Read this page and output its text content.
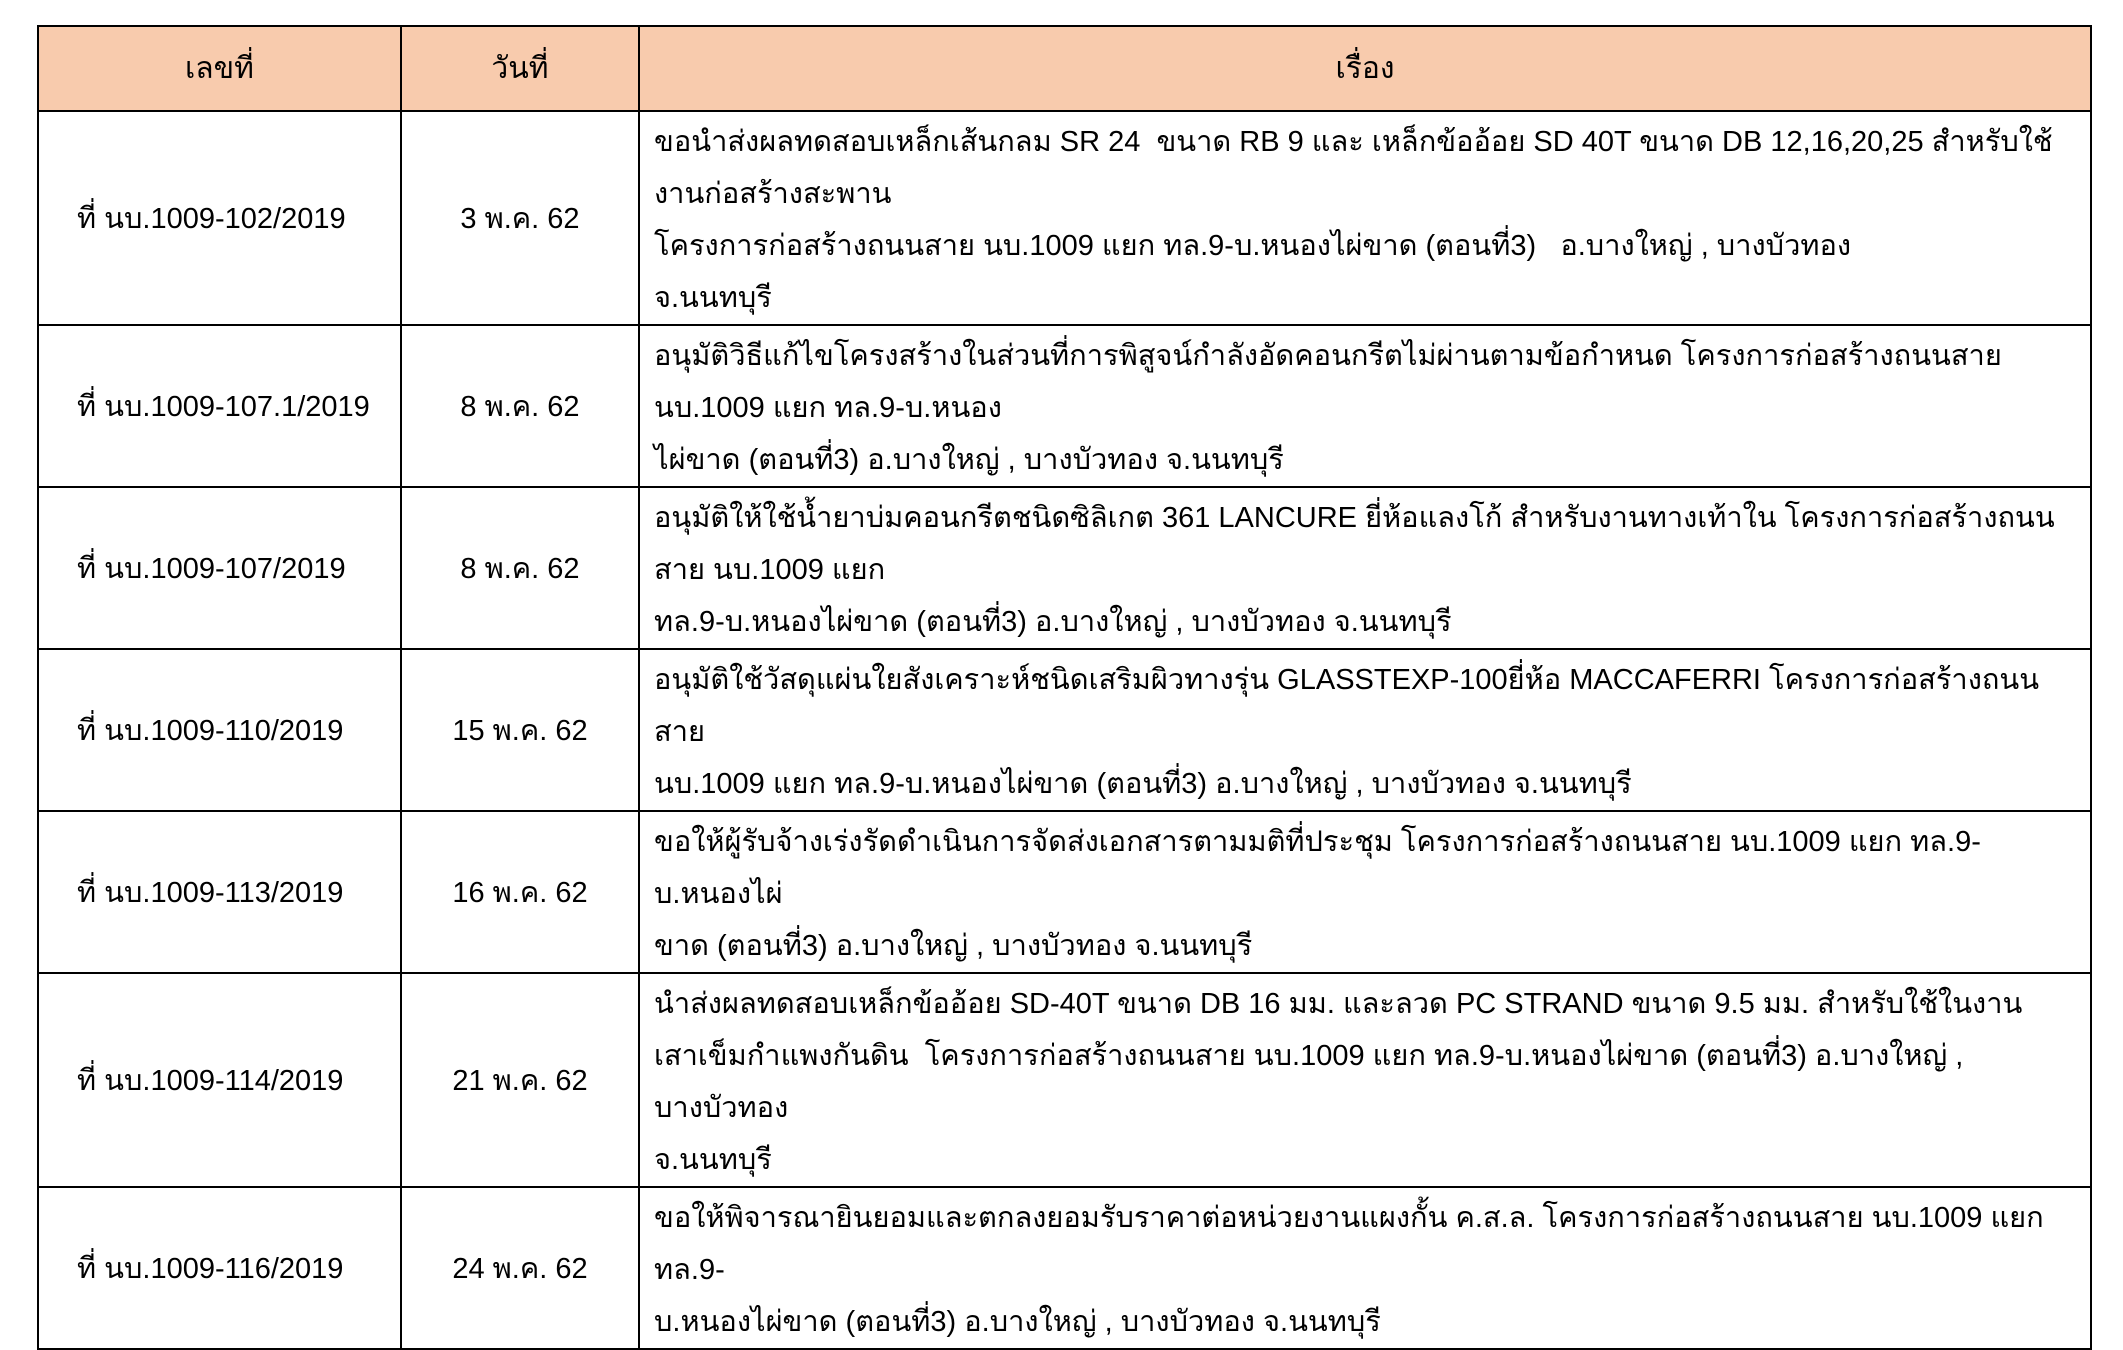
เลขที่	วันที่	เรื่อง
ที่ นบ.1009-102/2019	3 พ.ค. 62	ขอนำส่งผลทดสอบเหล็กเส้นกลม SR 24  ขนาด RB 9 และ เหล็กข้ออ้อย SD 40T ขนาด DB 12,16,20,25 สำหรับใช้งานก่อสร้างสะพาน
โครงการก่อสร้างถนนสาย นบ.1009 แยก ทล.9-บ.หนองไผ่ขาด (ตอนที่3)   อ.บางใหญ่ , บางบัวทอง
จ.นนทบุรี

ที่ นบ.1009-107.1/2019	8 พ.ค. 62	อนุมัติวิธีแก้ไขโครงสร้างในส่วนที่การพิสูจน์กำลังอัดคอนกรีตไม่ผ่านตามข้อกำหนด โครงการก่อสร้างถนนสาย นบ.1009 แยก ทล.9-บ.หนอง
ไผ่ขาด (ตอนที่3) อ.บางใหญ่ , บางบัวทอง จ.นนทบุรี

ที่ นบ.1009-107/2019	8 พ.ค. 62	อนุมัติให้ใช้น้ำยาบ่มคอนกรีตชนิดซิลิเกต 361 LANCURE ยี่ห้อแลงโก้ สำหรับงานทางเท้าใน โครงการก่อสร้างถนนสาย นบ.1009 แยก
ทล.9-บ.หนองไผ่ขาด (ตอนที่3) อ.บางใหญ่ , บางบัวทอง จ.นนทบุรี

ที่ นบ.1009-110/2019	15 พ.ค. 62	อนุมัติใช้วัสดุแผ่นใยสังเคราะห์ชนิดเสริมผิวทางรุ่น GLASSTEXP-100ยี่ห้อ MACCAFERRI โครงการก่อสร้างถนนสาย
นบ.1009 แยก ทล.9-บ.หนองไผ่ขาด (ตอนที่3) อ.บางใหญ่ , บางบัวทอง จ.นนทบุรี

ที่ นบ.1009-113/2019	16 พ.ค. 62	ขอให้ผู้รับจ้างเร่งรัดดำเนินการจัดส่งเอกสารตามมติที่ประชุม โครงการก่อสร้างถนนสาย นบ.1009 แยก ทล.9-บ.หนองไผ่
ขาด (ตอนที่3) อ.บางใหญ่ , บางบัวทอง จ.นนทบุรี

ที่ นบ.1009-114/2019	21 พ.ค. 62	นำส่งผลทดสอบเหล็กข้ออ้อย SD-40T ขนาด DB 16 มม. และลวด PC STRAND ขนาด 9.5 มม. สำหรับใช้ในงาน
เสาเข็มกำแพงกันดิน  โครงการก่อสร้างถนนสาย นบ.1009 แยก ทล.9-บ.หนองไผ่ขาด (ตอนที่3) อ.บางใหญ่ , บางบัวทอง
จ.นนทบุรี

ที่ นบ.1009-116/2019	24 พ.ค. 62	ขอให้พิจารณายินยอมและตกลงยอมรับราคาต่อหน่วยงานแผงกั้น ค.ส.ล. โครงการก่อสร้างถนนสาย นบ.1009 แยก ทล.9-
บ.หนองไผ่ขาด (ตอนที่3) อ.บางใหญ่ , บางบัวทอง จ.นนทบุรี
